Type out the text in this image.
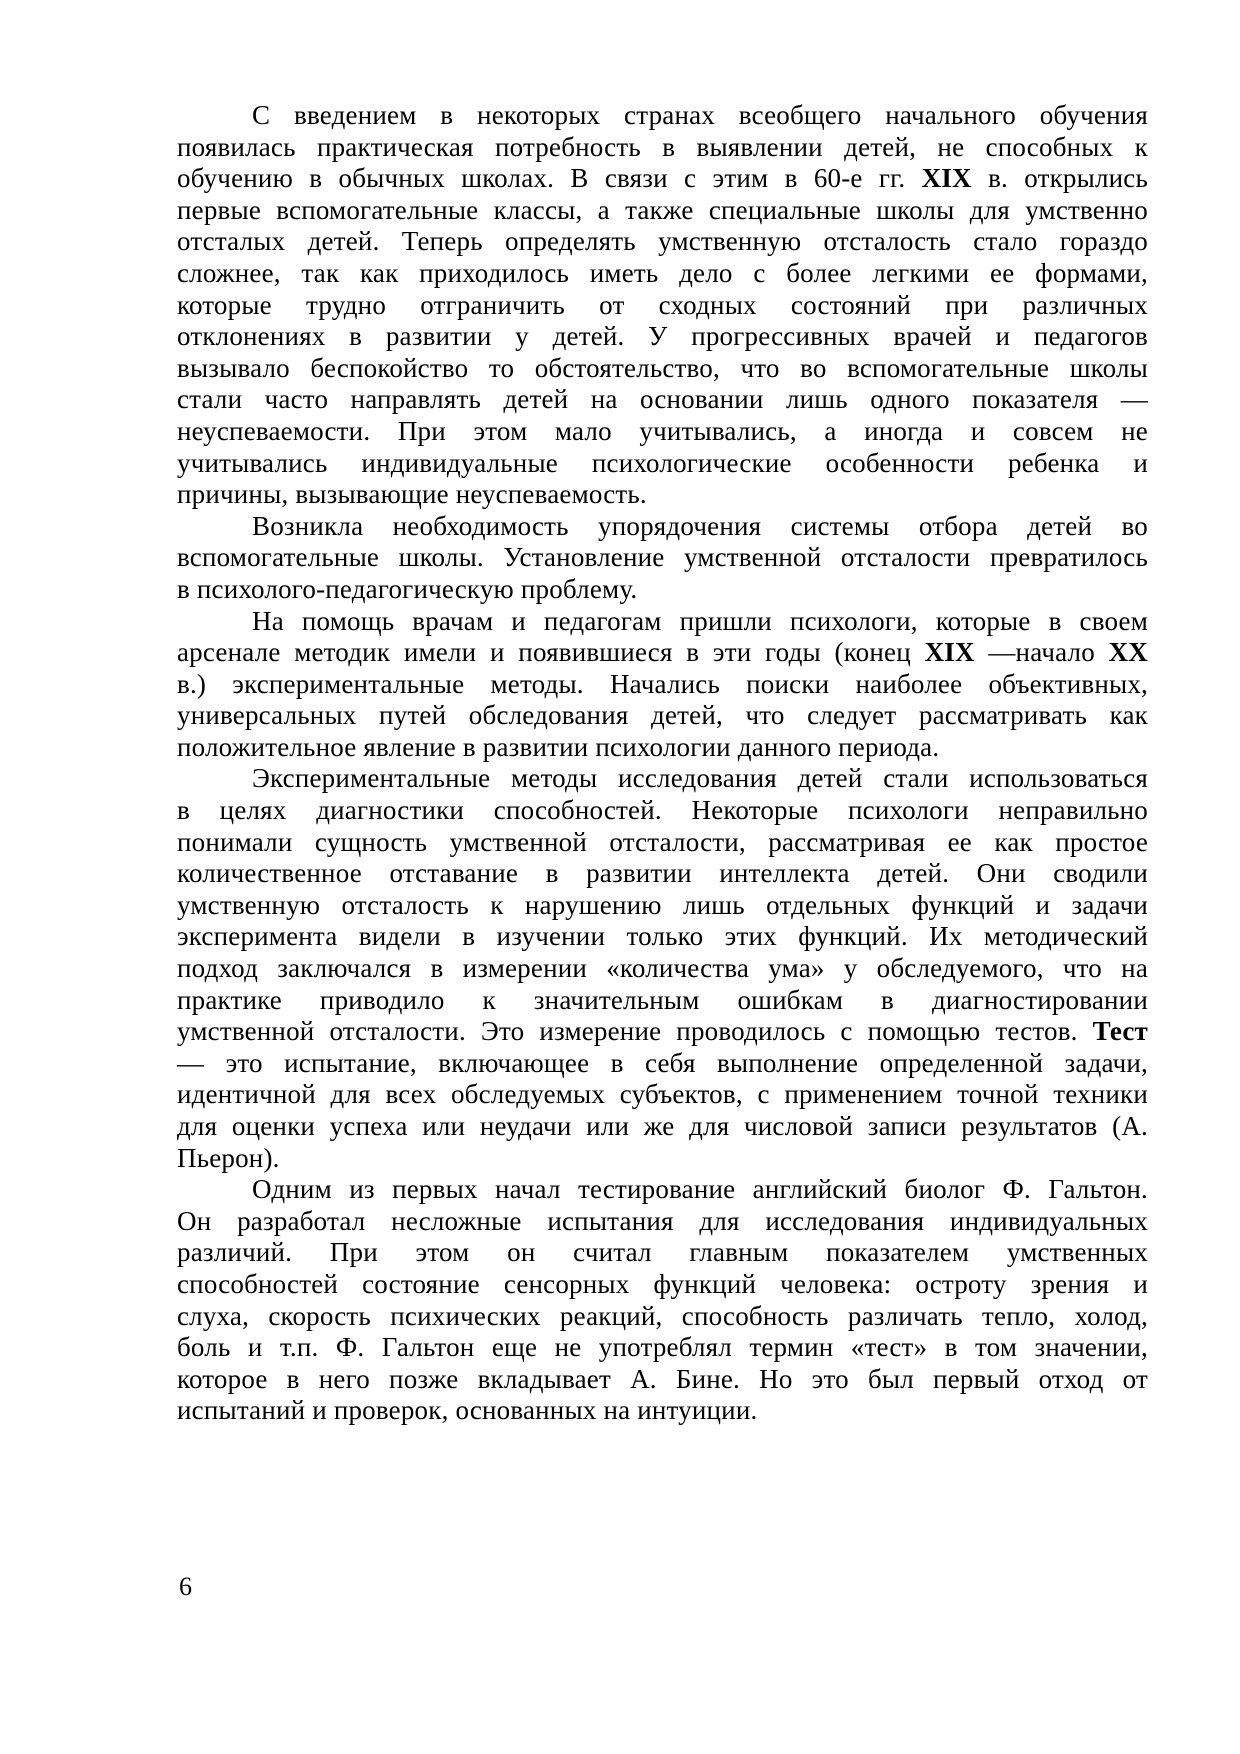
С введением в некоторых странах всеобщего начального обучения
появилась практическая потребность в выявлении детей, не способных к
обучению в обычных школах. В связи с этим в 60-е гг. XIX в. открылись
первые вспомогательные классы, а также специальные школы для умственно
отсталых детей. Теперь определять умственную отсталость стало гораздо
сложнее, так как приходилось иметь дело с более легкими ее формами,
которые трудно отграничить от сходных состояний при различных
отклонениях в развитии у детей. У прогрессивных врачей и педагогов
вызывало беспокойство то обстоятельство, что во вспомогательные школы
стали часто направлять детей на основании лишь одного показателя —
неуспеваемости. При этом мало учитывались, а иногда и совсем не
учитывались индивидуальные психологические особенности ребенка и
причины, вызывающие неуспеваемость.
Возникла необходимость упорядочения системы отбора детей во
вспомогательные школы. Установление умственной отсталости превратилось
в психолого-педагогическую проблему.
На помощь врачам и педагогам пришли психологи, которые в своем
арсенале методик имели и появившиеся в эти годы (конец XIX —начало XX
в.) экспериментальные методы. Начались поиски наиболее объективных,
универсальных путей обследования детей, что следует рассматривать как
положительное явление в развитии психологии данного периода.
Экспериментальные методы исследования детей стали использоваться
в целях диагностики способностей. Некоторые психологи неправильно
понимали сущность умственной отсталости, рассматривая ее как простое
количественное отставание в развитии интеллекта детей. Они сводили
умственную отсталость к нарушению лишь отдельных функций и задачи
эксперимента видели в изучении только этих функций. Их методический
подход заключался в измерении «количества ума» у обследуемого, что на
практике приводило к значительным ошибкам в диагностировании
умственной отсталости. Это измерение проводилось с помощью тестов. Тест
— это испытание, включающее в себя выполнение определенной задачи,
идентичной для всех обследуемых субъектов, с применением точной техники
для оценки успеха или неудачи или же для числовой записи результатов (А.
Пьерон).
Одним из первых начал тестирование английский биолог Ф. Гальтон.
Он разработал несложные испытания для исследования индивидуальных
различий. При этом он считал главным показателем умственных
способностей состояние сенсорных функций человека: остроту зрения и
слуха, скорость психических реакций, способность различать тепло, холод,
боль и т.п. Ф. Гальтон еще не употреблял термин «тест» в том значении,
которое в него позже вкладывает А. Бине. Но это был первый отход от
испытаний и проверок, основанных на интуиции.
6
